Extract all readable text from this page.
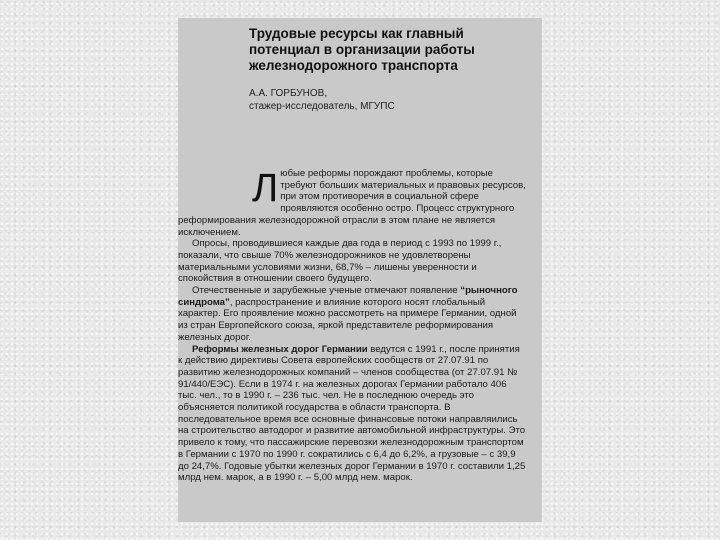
Трудовые ресурсы как главный
потенциал в организации работы
железнодорожного транспорта
А.А. ГОРБУНОВ,
стажер-исследователь, МГУПС

Любые реформы порождают проблемы, которые требуют больших материальных и правовых ресурсов, при этом противоречия в социальной сфере проявляются особенно остро. Процесс структурного реформирования железнодорожной отрасли в этом плане не является исключением.

Опросы, проводившиеся каждые два года в период с 1993 по 1999 г., показали, что свыше 70% железнодорожников не удовлетворены материальными условиями жизни, 68,7% – лишены уверенности и спокойствия в отношении своего будущего.

Отечественные и зарубежные ученые отмечают появление “рыночного синдрома”, распространение и влияние которого носят глобальный характер. Его проявление можно рассмотреть на примере Германии, одной из стран Евргопейского союза, яркой представителе реформирования железных дорог.

Реформы железных дорог Германии ведутся с 1991 г., после принятия к действию директивы Совета европейских сообществ от 27.07.91 по развитию железнодорожных компаний – членов сообщества (от 27.07.91 № 91/440/ЕЭС). Если в 1974 г. на железных дорогах Германии работало 406 тыс. чел., то в 1990 г. – 236 тыс. чел. Не в последнюю очередь это объясняется политикой государства в области транспорта. В последовательное время все основные финансовые потоки направляились на строительство автодорог и развитие автомобильной инфраструктуры. Это привело к тому, что пассажирские перевозки железнодорожным транспортом в Германии с 1970 по 1990 г. сократились с 6,4 до 6,2%, а грузовые – с 39,9 до 24,7%. Годовые убытки железных дорог Германии в 1970 г. составили 1,25 млрд нем. марок, а в 1990 г. – 5,00 млрд нем. марок.
